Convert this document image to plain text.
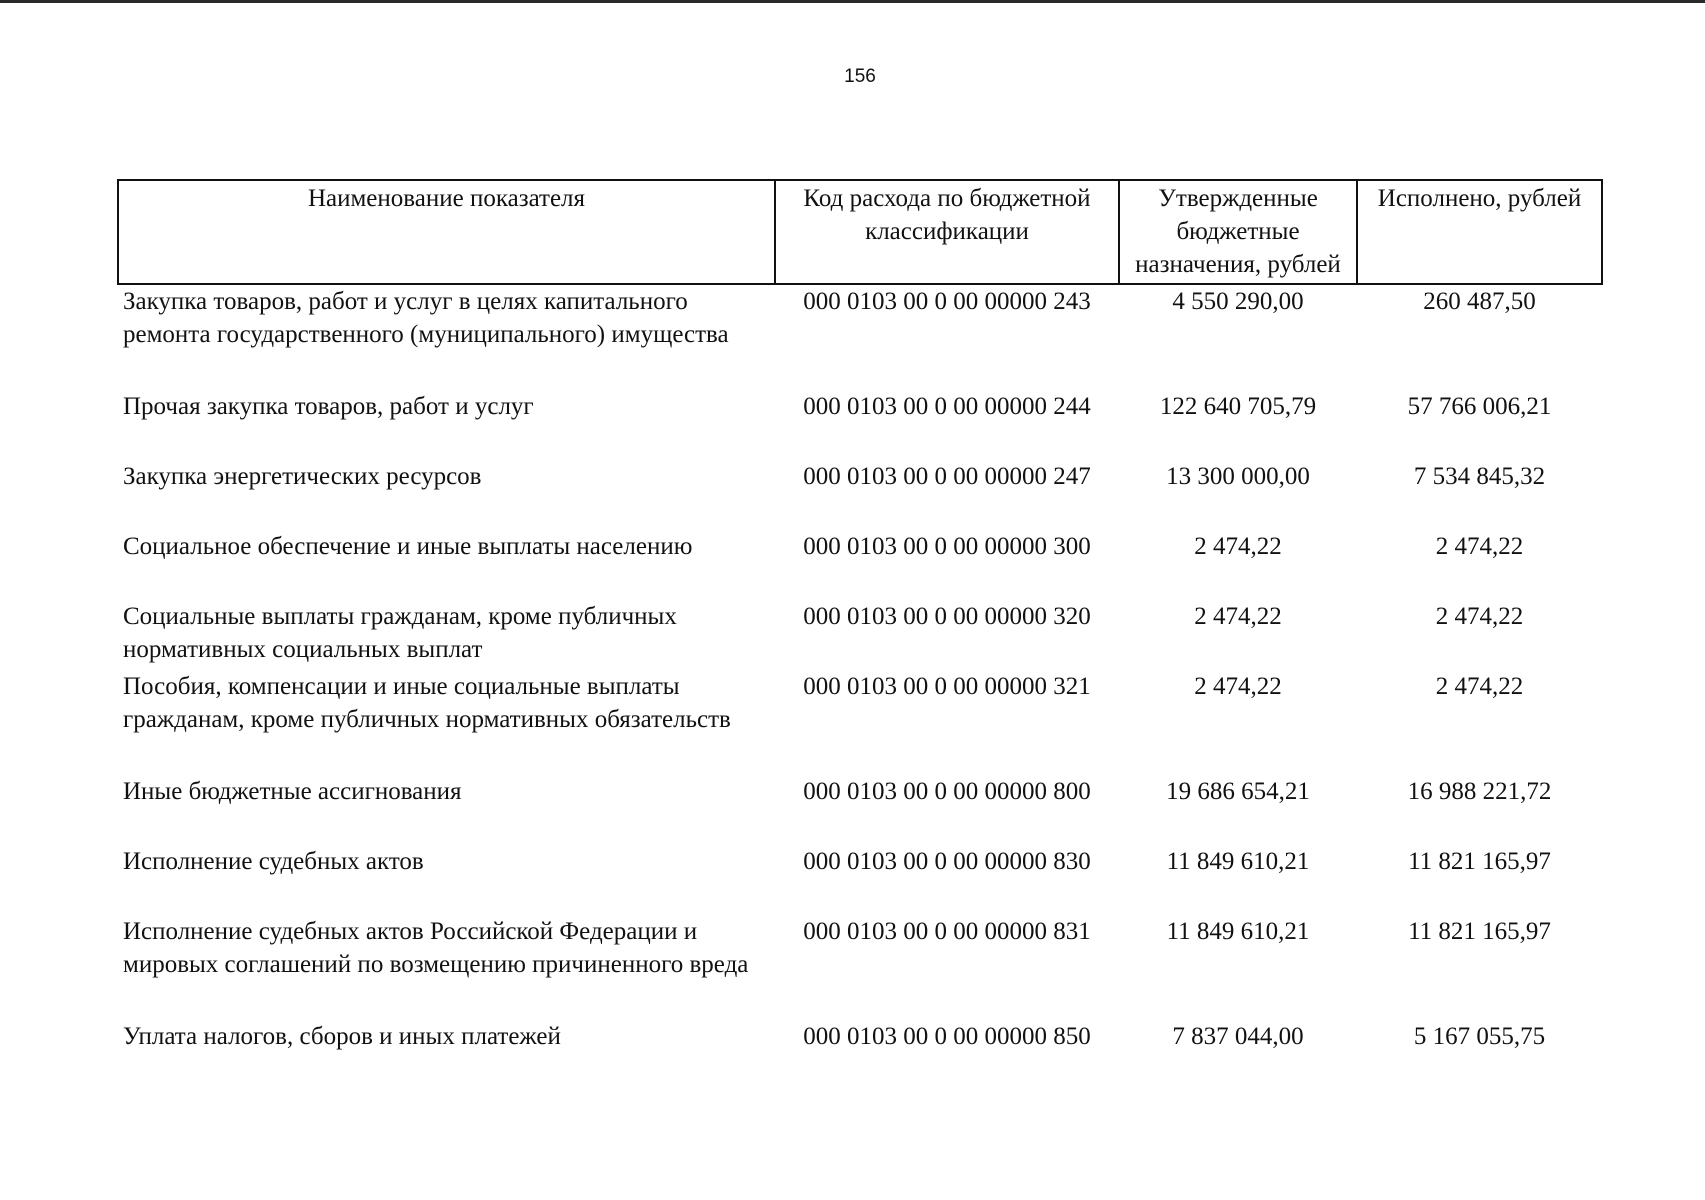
156
Наименование показателя	Код расхода по бюджетной классификации	Утвержденные бюджетные назначения, рублей	Исполнено, рублей
Закупка товаров, работ и услуг в целях капитального ремонта государственного (муниципального) имущества	000 0103 00 0 00 00000 243	4 550 290,00	260 487,50
Прочая закупка товаров, работ и услуг	000 0103 00 0 00 00000 244	122 640 705,79	57 766 006,21
Закупка энергетических ресурсов	000 0103 00 0 00 00000 247	13 300 000,00	7 534 845,32
Социальное обеспечение и иные выплаты населению	000 0103 00 0 00 00000 300	2 474,22	2 474,22
Социальные выплаты гражданам, кроме публичных нормативных социальных выплат	000 0103 00 0 00 00000 320	2 474,22	2 474,22
Пособия, компенсации и иные социальные выплаты гражданам, кроме публичных нормативных обязательств	000 0103 00 0 00 00000 321	2 474,22	2 474,22
Иные бюджетные ассигнования	000 0103 00 0 00 00000 800	19 686 654,21	16 988 221,72
Исполнение судебных актов	000 0103 00 0 00 00000 830	11 849 610,21	11 821 165,97
Исполнение судебных актов Российской Федерации и мировых соглашений по возмещению причиненного вреда	000 0103 00 0 00 00000 831	11 849 610,21	11 821 165,97
Уплата налогов, сборов и иных платежей	000 0103 00 0 00 00000 850	7 837 044,00	5 167 055,75
